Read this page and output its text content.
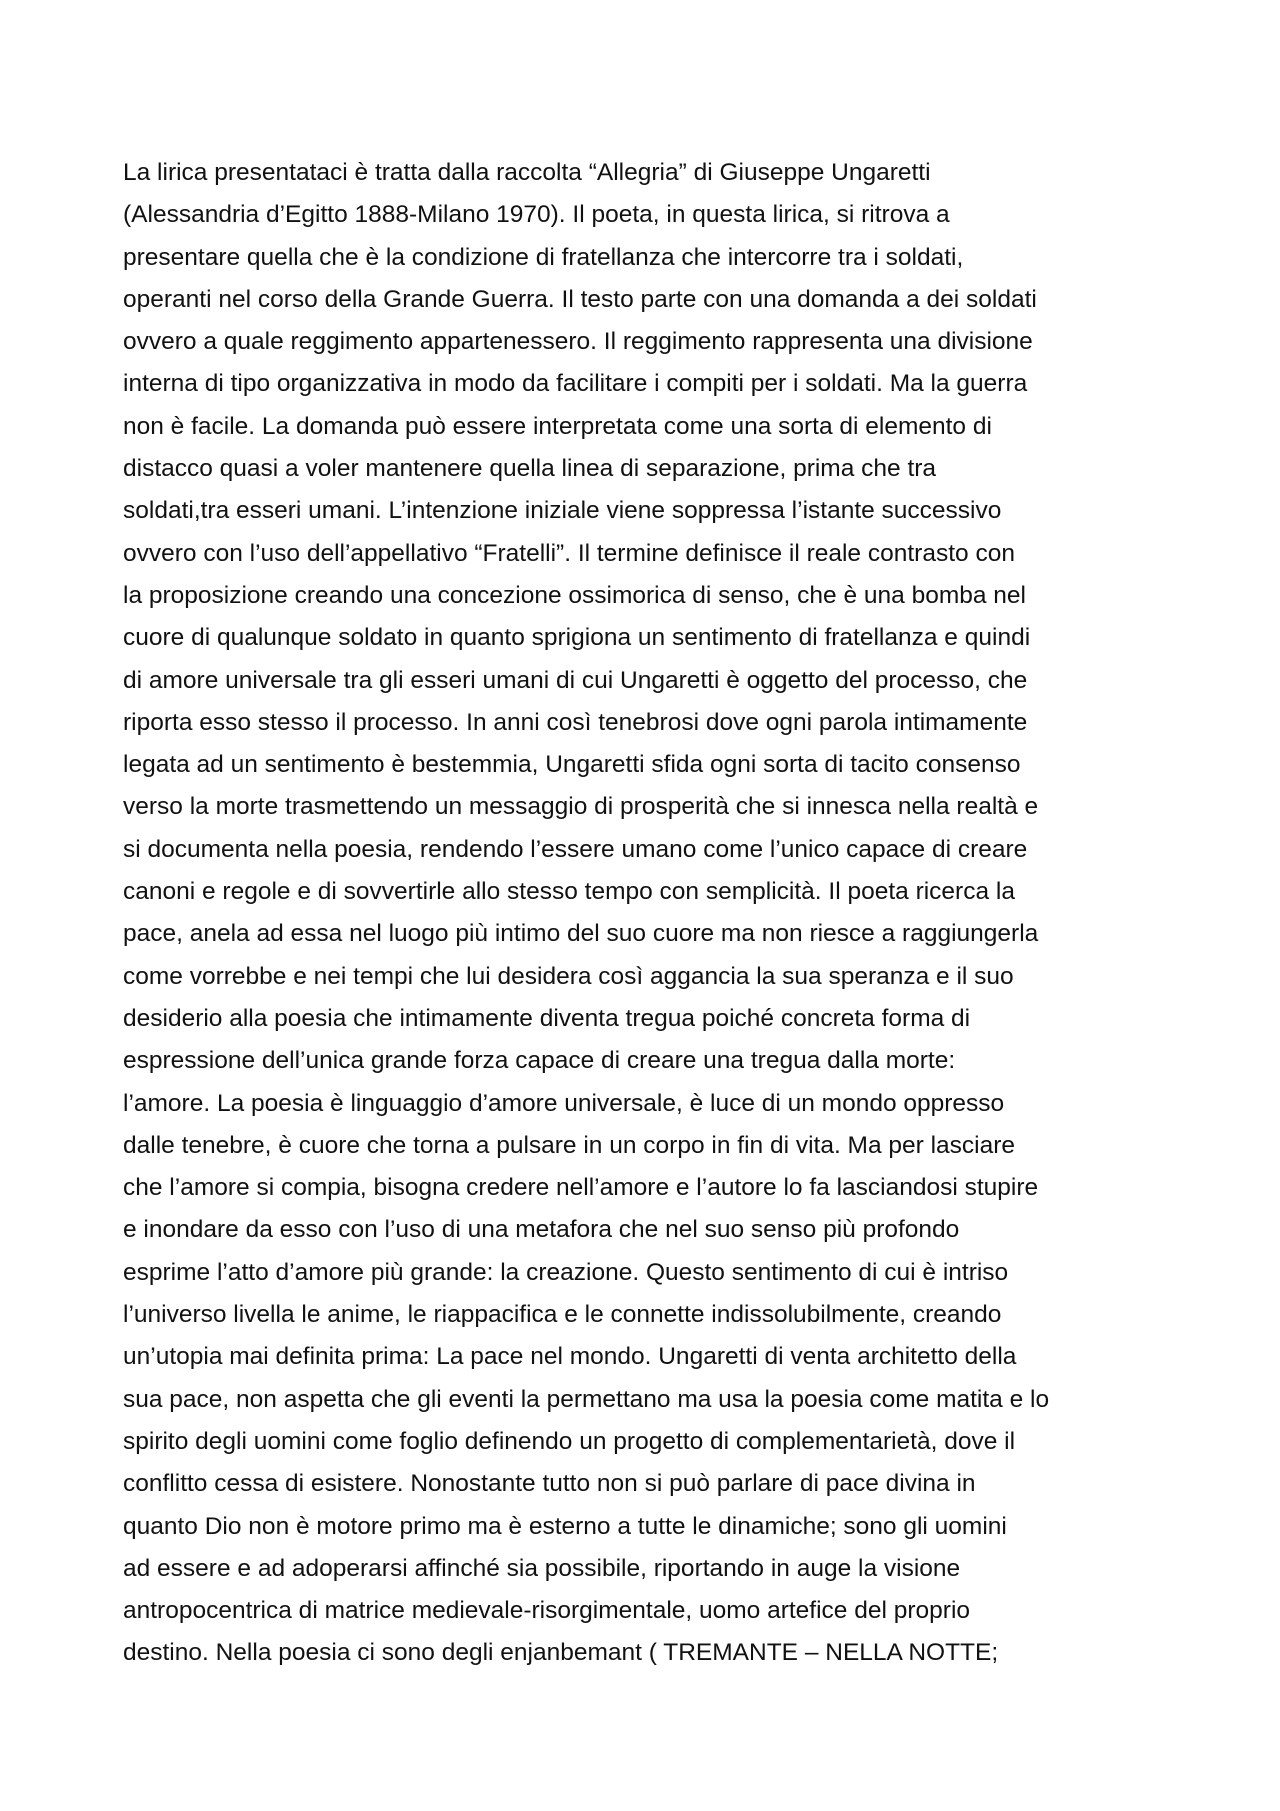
La lirica presentataci è tratta dalla raccolta “Allegria” di Giuseppe Ungaretti
(Alessandria d’Egitto 1888-Milano 1970). Il poeta, in questa lirica, si ritrova a
presentare quella che è la condizione di fratellanza che intercorre tra i soldati,
operanti nel corso della Grande Guerra. Il testo parte con una domanda a dei soldati
ovvero a quale reggimento appartenessero. Il reggimento rappresenta una divisione
interna di tipo organizzativa in modo da facilitare i compiti per i soldati. Ma la guerra
non è facile. La domanda può essere interpretata come una sorta di elemento di
distacco quasi a voler mantenere quella linea di separazione, prima che tra
soldati,tra esseri umani. L’intenzione iniziale viene soppressa l’istante successivo
ovvero con l’uso dell’appellativo “Fratelli”. Il termine definisce il reale contrasto con
la proposizione creando una concezione ossimorica di senso, che è una bomba nel
cuore di qualunque soldato in quanto sprigiona un sentimento di fratellanza e quindi
di amore universale tra gli esseri umani di cui Ungaretti è oggetto del processo, che
riporta esso stesso il processo. In anni così tenebrosi dove ogni parola intimamente
legata ad un sentimento è bestemmia, Ungaretti sfida ogni sorta di tacito consenso
verso la morte trasmettendo un messaggio di prosperità che si innesca nella realtà e
si documenta nella poesia, rendendo l’essere umano come l’unico capace di creare
canoni e regole e di sovvertirle allo stesso tempo con semplicità. Il poeta ricerca la
pace, anela ad essa nel luogo più intimo del suo cuore ma non riesce a raggiungerla
come vorrebbe e nei tempi che lui desidera così aggancia la sua speranza e il suo
desiderio alla poesia che intimamente diventa tregua poiché concreta forma di
espressione dell’unica grande forza capace di creare una tregua dalla morte:
l’amore. La poesia è linguaggio d’amore universale, è luce di un mondo oppresso
dalle tenebre, è cuore che torna a pulsare in un corpo in fin di vita. Ma per lasciare
che l’amore si compia, bisogna credere nell’amore e l’autore lo fa lasciandosi stupire
e inondare da esso con l’uso di una metafora che nel suo senso più profondo
esprime l’atto d’amore più grande: la creazione. Questo sentimento di cui è intriso
l’universo livella le anime, le riappacifica e le connette indissolubilmente, creando
un’utopia mai definita prima: La pace nel mondo. Ungaretti di venta architetto della
sua pace, non aspetta che gli eventi la permettano ma usa la poesia come matita e lo
spirito degli uomini come foglio definendo un progetto di complementarietà, dove il
conflitto cessa di esistere. Nonostante tutto non si può parlare di pace divina in
quanto Dio non è motore primo ma è esterno a tutte le dinamiche; sono gli uomini
ad essere e ad adoperarsi affinché sia possibile, riportando in auge la visione
antropocentrica di matrice medievale-risorgimentale, uomo artefice del proprio
destino. Nella poesia ci sono degli enjanbemant ( TREMANTE – NELLA NOTTE;
